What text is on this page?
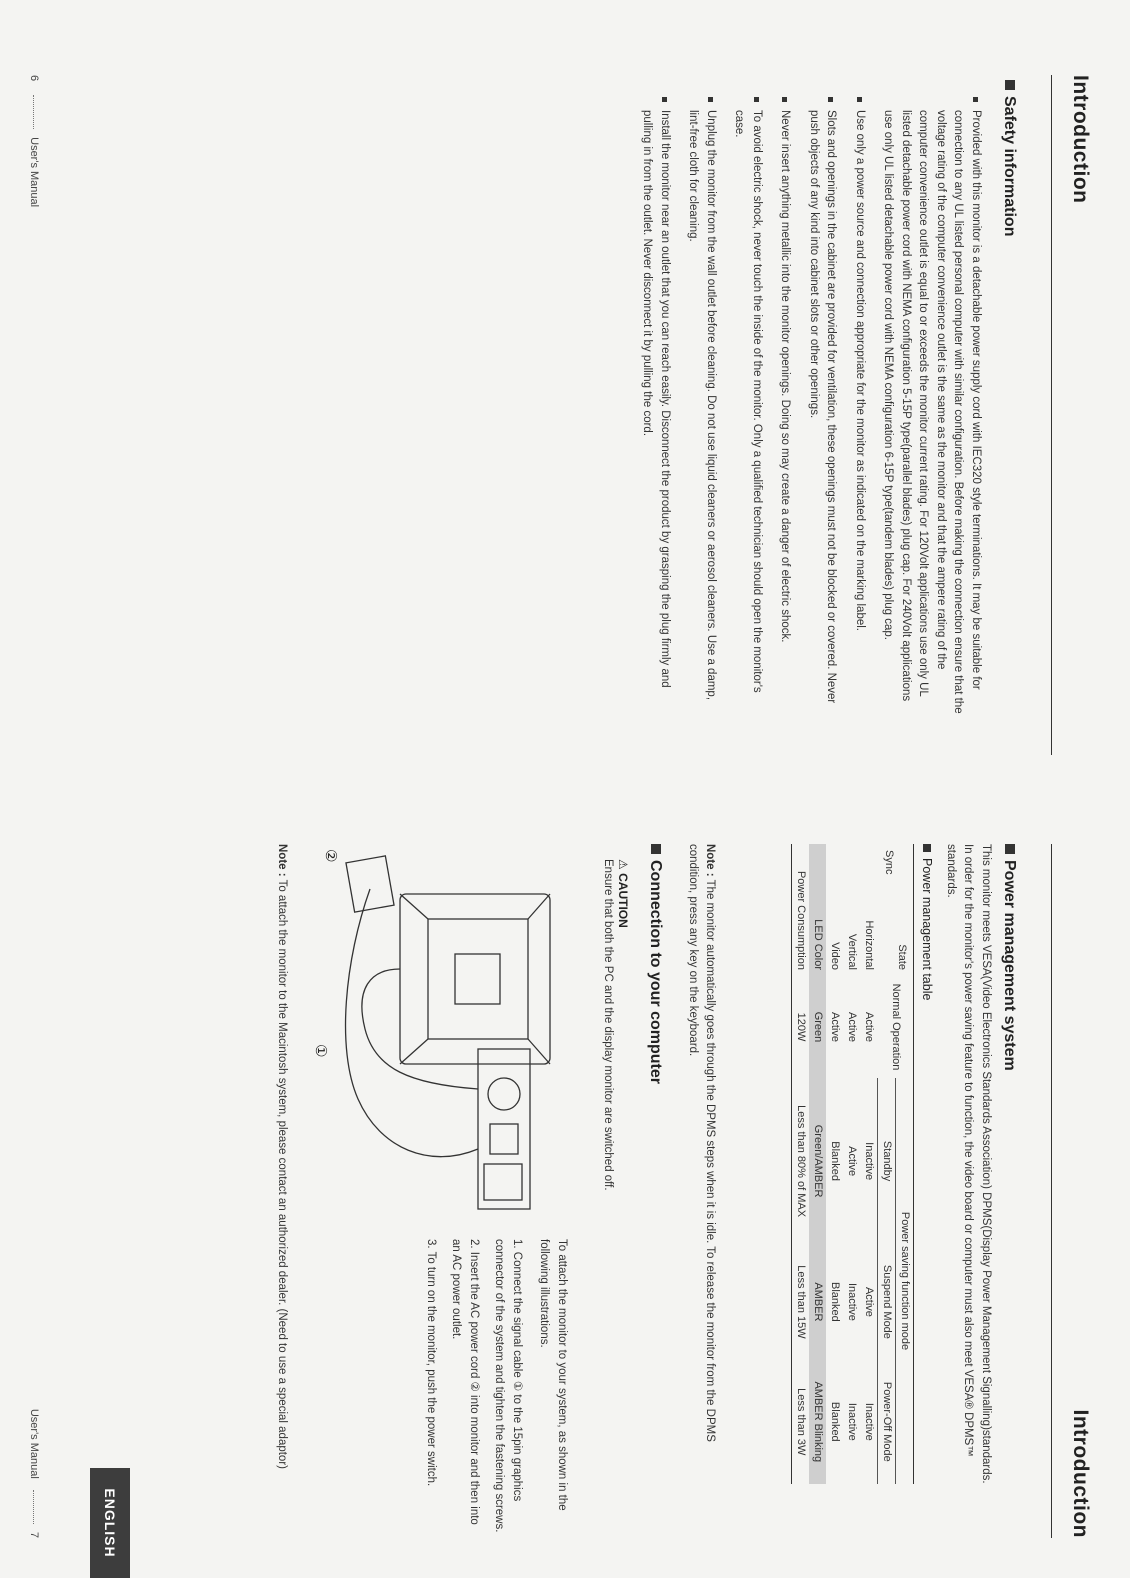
Introduction
Safety information

Provided with this monitor is a detachable power supply cord with IEC320 style terminations. It may be suitable for connection to any UL listed personal computer with similar configuration. Before making the connection ensure that the voltage rating of the computer convenience outlet is the same as the monitor and that the ampere rating of the computer convenience outlet is equal to or exceeds the monitor current rating. For 120Volt applications use only UL listed detachable power cord with NEMA configuration 5-15P type(parallel blades) plug cap. For 240Volt applications use only UL listed detachable power cord with NEMA configuration 6-15P type(tandem blades) plug cap.

Use only a power source and connection appropriate for the monitor as indicated on the marking label.

Slots and openings in the cabinet are provided for ventilation, these openings must not be blocked or covered. Never push objects of any kind into cabinet slots or other openings.

Never insert anything metallic into the monitor openings. Doing so may create a danger of electric shock.

To avoid electric shock, never touch the inside of the monitor. Only a qualified technician should open the monitor's case.

Unplug the monitor from the wall outlet before cleaning. Do not use liquid cleaners or aerosol cleaners. Use a damp, lint-free cloth for cleaning.

Install the monitor near an outlet that you can reach easily. Disconnect the product by grasping the plug firmly and pulling in from the outlet. Never disconnect it by pulling the cord.

6User's Manual
Introduction
Power management system

This monitor meets VESA(Video Electronics Standards Association) DPMS(Display Power Management Signalling)standards. In order for the monitor's power saving feature to function, the video board or computer must also meet VESA® DPMS™ standards.

Power management table
State
Sync	Normal Operation	Power saving function mode		
		Standby	Suspend Mode	Power-Off Mode
Horizontal	Active	Inactive	Active	Inactive
Vertical	Active	Active	Inactive	Inactive
Video	Active	Blanked	Blanked	Blanked
LED Color	Green	Green/AMBER	AMBER	AMBER Blinking
Power Consumption	120W	Less than 80% of MAX	Less than 15W	Less than 3W
Note : The monitor automatically goes through the DPMS steps when it is idle. To release the monitor from the DPMS condition, press any key on the keyboard.
Connection to your computer
⚠ CAUTION
Ensure that both the PC and the display monitor are switched off.
①
②

To attach the monitor to your system, as shown in the following illustrations.

1. Connect the signal cable ① to the 15pin graphics connector of the system and tighten the fastening screws.

2. Insert the AC power cord ② into monitor and then into an AC power outlet.

3. To turn on the monitor, push the power switch.

Note : To attach the monitor to the Macintosh system, please contact an authorized dealer. (Need to use a special adaptor)
ENGLISH
User's Manual 7
